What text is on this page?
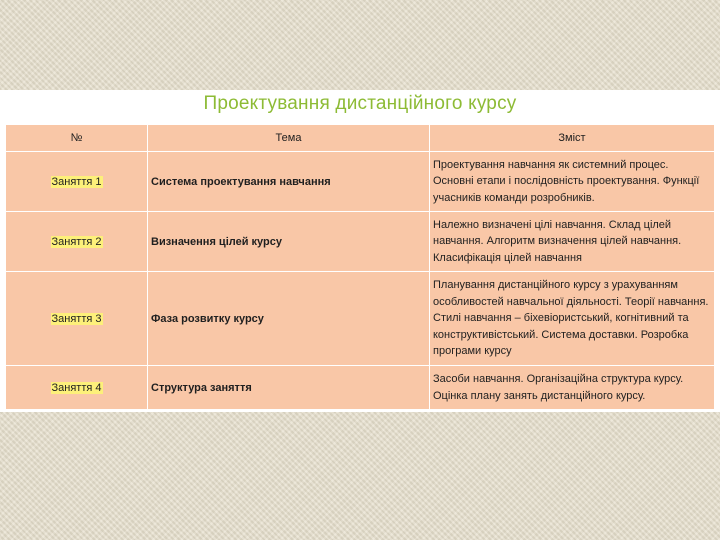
Проектування дистанційного курсу
№	Тема	Зміст
Заняття 1	Система проектування навчання	Проектування навчання як системний процес. Основні етапи і послідовність проектування. Функції учасників команди розробників.
Заняття 2	Визначення цілей курсу	Належно визначені цілі навчання. Склад цілей навчання. Алгоритм визначення цілей навчання. Класифікація цілей навчання
Заняття 3	Фаза розвитку курсу	Планування дистанційного курсу з урахуванням особливостей навчальної діяльності. Теорії навчання. Стилі навчання – біхевіористський, когнітивний та конструктивістський. Система доставки. Розробка програми курсу
Заняття 4	Структура заняття	Засоби навчання. Організаційна структура курсу. Оцінка плану занять дистанційного курсу.
